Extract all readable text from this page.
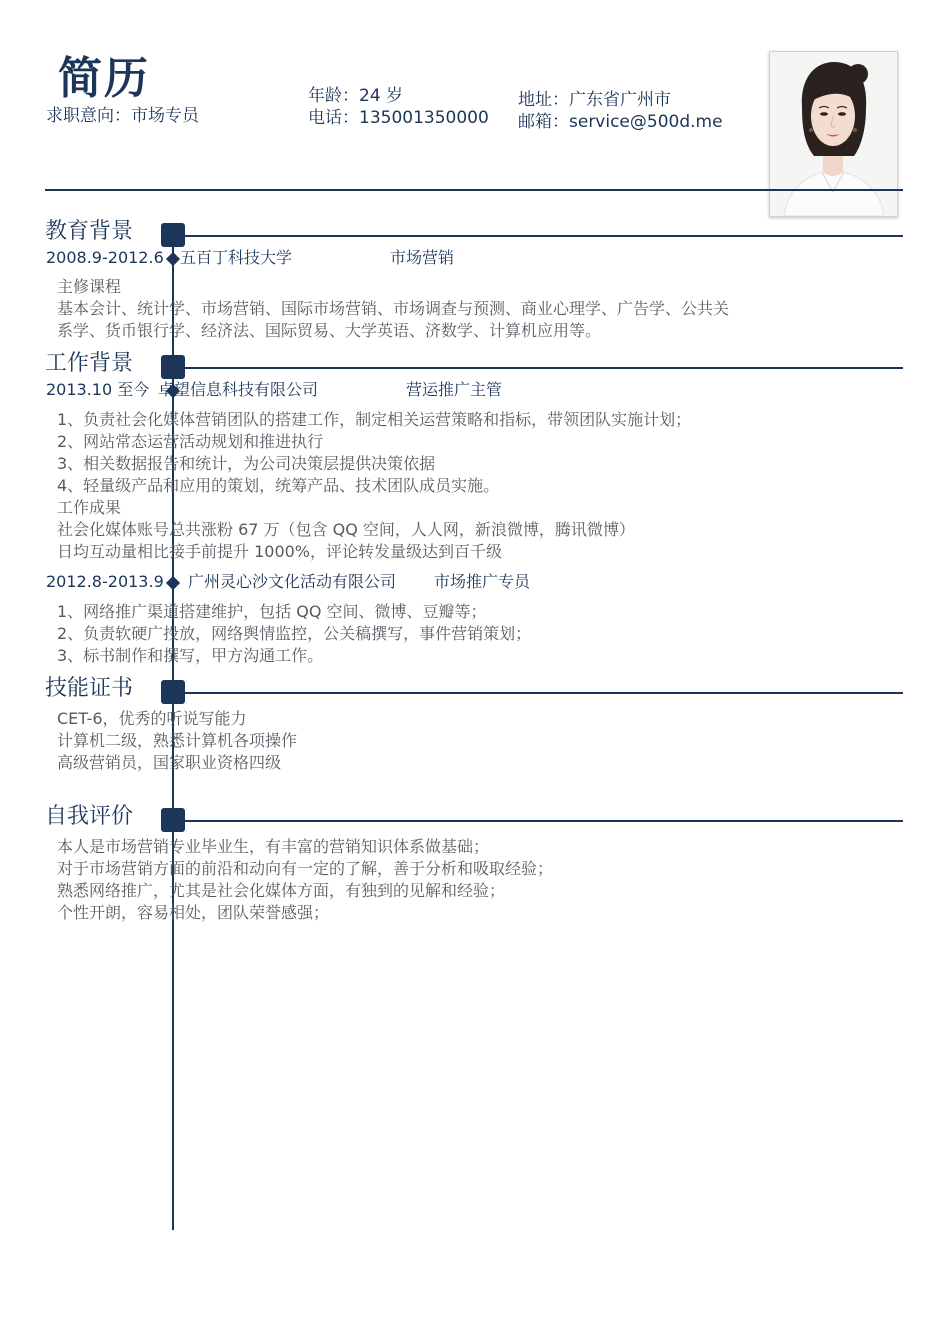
简历
求职意向：市场专员
年龄：24 岁
电话：135001350000
地址：广东省广州市
邮箱：service@500d.me
教育背景
2008.9-2012.6 五百丁科技大学	市场营销
主修课程
基本会计、统计学、市场营销、国际市场营销、市场调查与预测、商业心理学、广告学、公共关
系学、货币银行学、经济法、国际贸易、大学英语、济数学、计算机应用等。
工作背景
2013.10 至今 卓望信息科技有限公司	营运推广主管
1、负责社会化媒体营销团队的搭建工作，制定相关运营策略和指标，带领团队实施计划；
2、网站常态运营活动规划和推进执行
3、相关数据报告和统计，为公司决策层提供决策依据
4、轻量级产品和应用的策划，统筹产品、技术团队成员实施。
工作成果
社会化媒体账号总共涨粉 67 万（包含 QQ 空间，人人网，新浪微博，腾讯微博）
日均互动量相比接手前提升 1000%，评论转发量级达到百千级
2012.8-2013.9 广州灵心沙文化活动有限公司 市场推广专员
1、网络推广渠道搭建维护，包括 QQ 空间、微博、豆瓣等；
2、负责软硬广投放，网络舆情监控，公关稿撰写，事件营销策划；
3、标书制作和撰写，甲方沟通工作。
技能证书
CET-6，优秀的听说写能力
计算机二级，熟悉计算机各项操作
高级营销员，国家职业资格四级
自我评价
本人是市场营销专业毕业生，有丰富的营销知识体系做基础；
对于市场营销方面的前沿和动向有一定的了解，善于分析和吸取经验；
熟悉网络推广，尤其是社会化媒体方面，有独到的见解和经验；
个性开朗，容易相处，团队荣誉感强；
